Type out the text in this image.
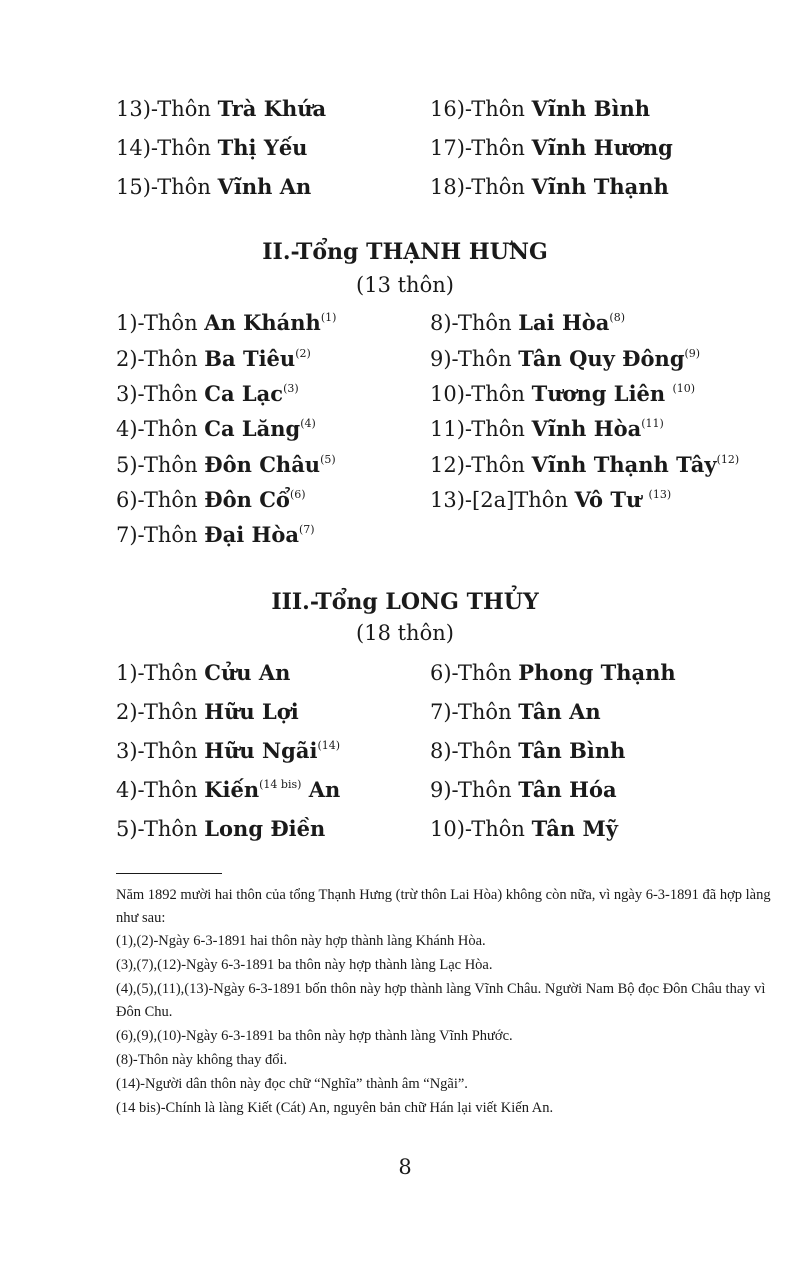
13)-Thôn Trà Khứa
14)-Thôn Thị Yếu
15)-Thôn Vĩnh An
16)-Thôn Vĩnh Bình
17)-Thôn Vĩnh Hương
18)-Thôn Vĩnh Thạnh
II.-Tổng THẠNH HƯNG
(13 thôn)
1)-Thôn An Khánh$^{(1)}$
2)-Thôn Ba Tiêu$^{(2)}$
3)-Thôn Ca Lạc$^{(3)}$
4)-Thôn Ca Lăng$^{(4)}$
5)-Thôn Đôn Châu$^{(5)}$
6)-Thôn Đôn Cổ$^{(6)}$
7)-Thôn Đại Hòa$^{(7)}$
8)-Thôn Lai Hòa$^{(8)}$
9)-Thôn Tân Quy Đông$^{(9)}$
10)-Thôn Tương Liên $^{(10)}$
11)-Thôn Vĩnh Hòa$^{(11)}$
12)-Thôn Vĩnh Thạnh Tây$^{(12)}$
13)-[2a]Thôn Vô Tư $^{(13)}$
III.-Tổng LONG THỦY
(18 thôn)
1)-Thôn Cửu An
2)-Thôn Hữu Lợi
3)-Thôn Hữu Ngãi$^{(14)}$
4)-Thôn Kiến$^{(14 bis)}$ An
5)-Thôn Long Điền
6)-Thôn Phong Thạnh
7)-Thôn Tân An
8)-Thôn Tân Bình
9)-Thôn Tân Hóa
10)-Thôn Tân Mỹ
Năm 1892 mười hai thôn của tổng Thạnh Hưng (trừ thôn Lai Hòa) không còn nữa, vì ngày 6-3-1891 đã hợp làng như sau:
(1),(2)-Ngày 6-3-1891 hai thôn này hợp thành làng Khánh Hòa.
(3),(7),(12)-Ngày 6-3-1891 ba thôn này hợp thành làng Lạc Hòa.
(4),(5),(11),(13)-Ngày 6-3-1891 bốn thôn này hợp thành làng Vĩnh Châu. Người Nam Bộ đọc Đôn Châu thay vì Đôn Chu.
(6),(9),(10)-Ngày 6-3-1891 ba thôn này hợp thành làng Vĩnh Phước.
(8)-Thôn này không thay đổi.
(14)-Người dân thôn này đọc chữ “Nghĩa” thành âm “Ngãi”.
(14 bis)-Chính là làng Kiết (Cát) An, nguyên bản chữ Hán lại viết Kiến An.
8
